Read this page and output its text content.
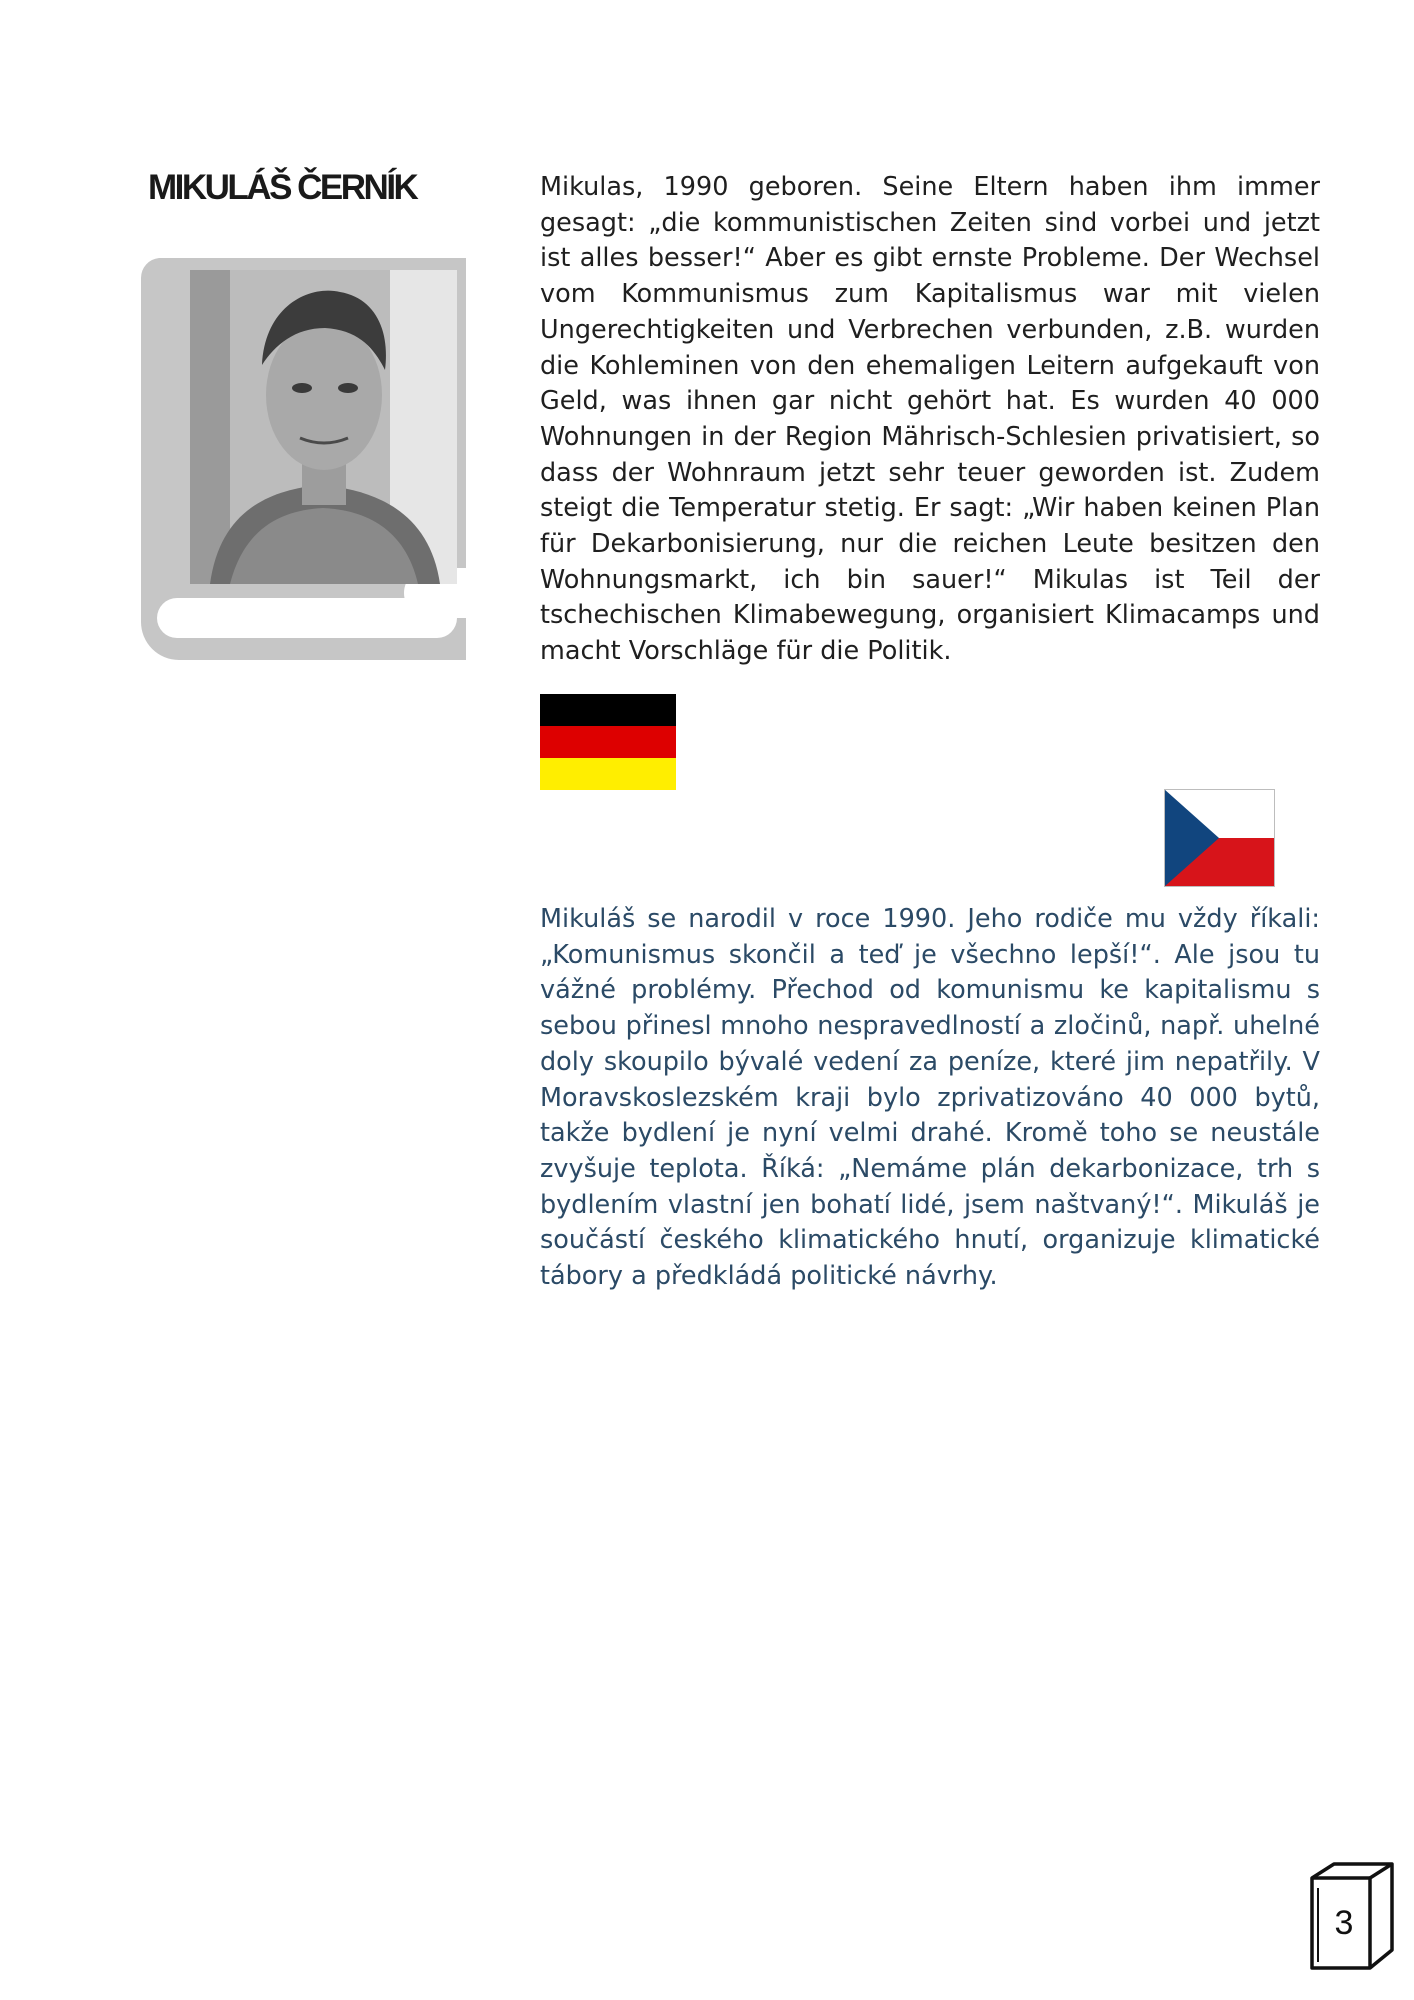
MIKULÁŠ ČERNÍK	Mikulas, 1990 geboren. Seine Eltern haben ihm immer gesagt: „die kommunistischen Zeiten sind vorbei und jetzt ist alles besser!“ Aber es gibt ernste Probleme. Der Wechsel vom Kommunismus zum Kapitalismus war mit vielen Ungerechtigkeiten und Verbrechen verbunden, z.B. wurden die Kohleminen von den ehemaligen Leitern aufgekauft von Geld, was ihnen gar nicht gehört hat. Es wurden 40 000 Wohnungen in der Region Mährisch-Schlesien privatisiert, so dass der Wohnraum jetzt sehr teuer geworden ist. Zudem steigt die Temperatur stetig. Er sagt: „Wir haben keinen Plan für Dekarbonisierung, nur die reichen Leute besitzen den Wohnungsmarkt, ich bin sauer!“ Mikulas ist Teil der tschechischen Klimabewegung, organisiert Klimacamps und macht Vorschläge für die Politik.

Mikuláš se narodil v roce 1990. Jeho rodiče mu vždy říkali: „Komunismus skončil a teď je všechno lepší!“. Ale jsou tu vážné problémy. Přechod od komunismu ke kapitalismu s sebou přinesl mnoho nespravedlností a zločinů, např. uhelné doly skoupilo bývalé vedení za peníze, které jim nepatřily. V Moravskoslezském kraji bylo zprivatizováno 40 000 bytů, takže bydlení je nyní velmi drahé. Kromě toho se neustále zvyšuje teplota. Říká: „Nemáme plán dekarbonizace, trh s bydlením vlastní jen bohatí lidé, jsem naštvaný!“. Mikuláš je součástí českého klimatického hnutí, organizuje klimatické tábory a předkládá politické návrhy.

3
